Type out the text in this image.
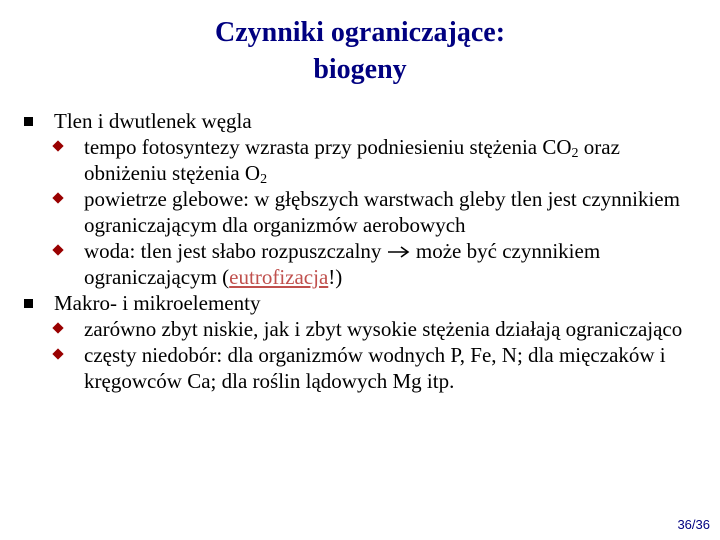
Czynniki ograniczające:
biogeny
Tlen i dwutlenek węgla
tempo fotosyntezy wzrasta przy podniesieniu stężenia $CO_2$ oraz obniżeniu stężenia $O_2$
powietrze glebowe: w głębszych warstwach gleby tlen jest czynnikiem ograniczającym dla organizmów aerobowych
woda: tlen jest słabo rozpuszczalny  może być czynnikiem ograniczającym (eutrofizacja!)
Makro- i mikroelementy
zarówno zbyt niskie, jak i zbyt wysokie stężenia działają ograniczająco
częsty niedobór: dla organizmów wodnych P, Fe, N; dla mięczaków i kręgowców Ca; dla roślin lądowych Mg itp.
36/36
